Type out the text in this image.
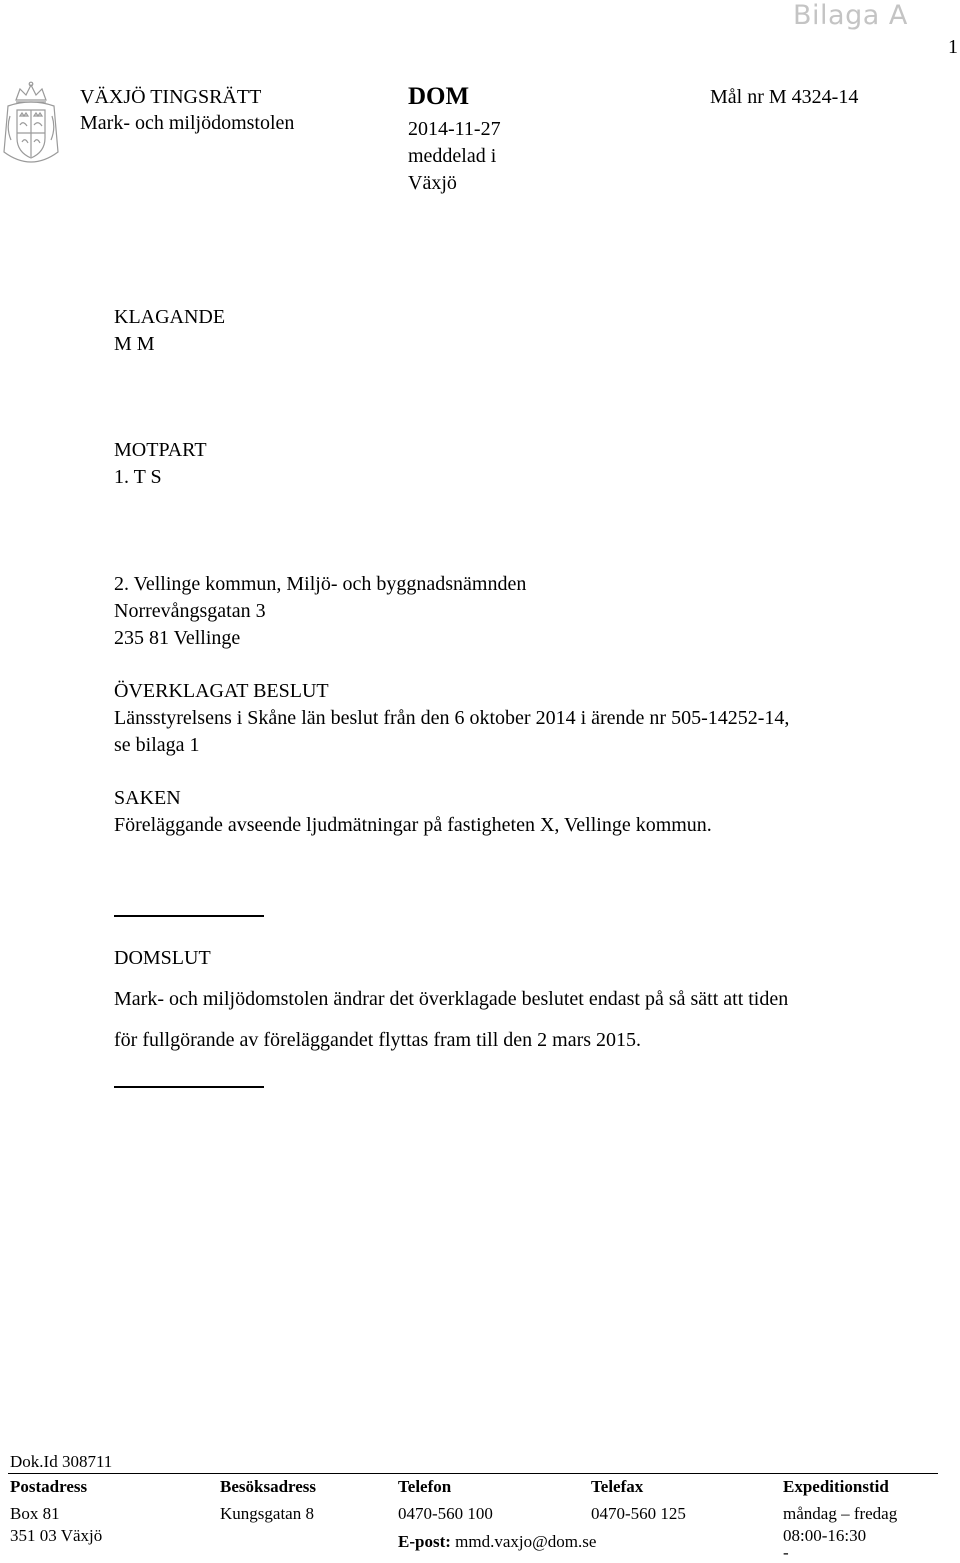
Bilaga A
1
VÄXJÖ TINGSRÄTT
Mark- och miljödomstolen
DOM
2014-11-27
meddelad i
Växjö
Mål nr M 4324-14
KLAGANDE
M M
MOTPART
1. T S
2. Vellinge kommun, Miljö- och byggnadsnämnden
Norrevångsgatan 3
235 81 Vellinge
ÖVERKLAGAT BESLUT
Länsstyrelsens i Skåne län beslut från den 6 oktober 2014 i ärende nr 505-14252-14,
se bilaga 1
SAKEN
Föreläggande avseende ljudmätningar på fastigheten X, Vellinge kommun.
DOMSLUT
Mark- och miljödomstolen ändrar det överklagade beslutet endast på så sätt att tiden
för fullgörande av föreläggandet flyttas fram till den 2 mars 2015.
Dok.Id 308711
Postadress
Box 81
351 03 Växjö
Besöksadress
Kungsgatan 8
Telefon
0470-560 100
E-post: mmd.vaxjo@dom.se
Telefax
0470-560 125
Expeditionstid
måndag – fredag
08:00-16:30
-
